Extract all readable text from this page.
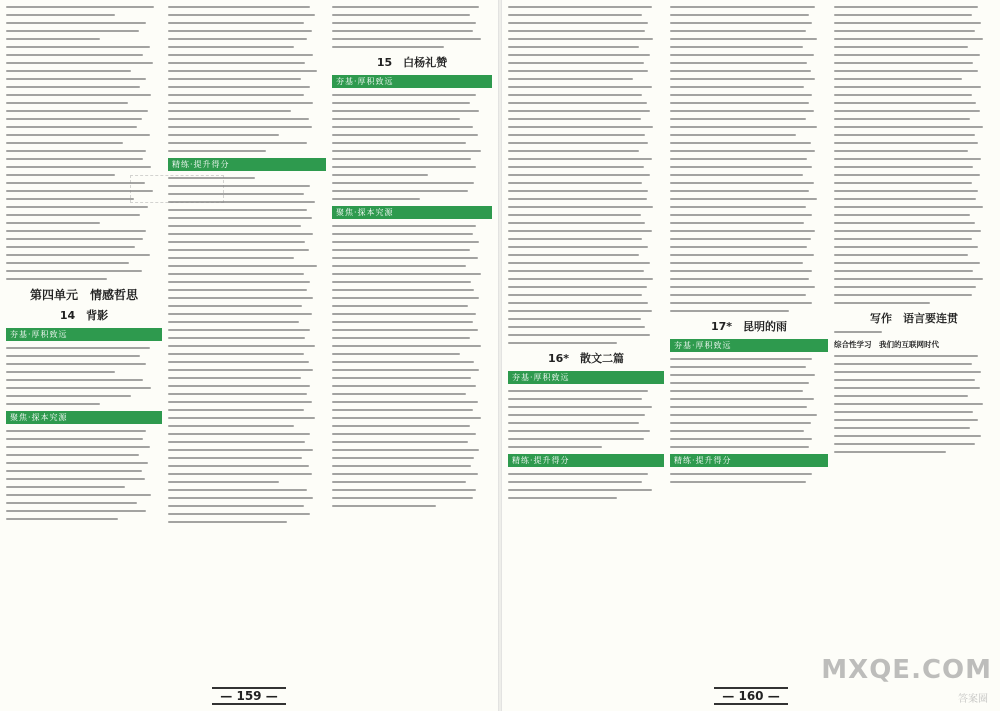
第四单元　情感哲思
14　背影
夯基·厚积致远
聚焦·探本究源
精练·提升得分
15　白杨礼赞
夯基·厚积致远
聚焦·探本究源
— 159 —
16*　散文二篇
夯基·厚积致远
精练·提升得分
17*　昆明的雨
夯基·厚积致远
精练·提升得分
写作　语言要连贯
综合性学习　我们的互联网时代
— 160 —
MXQE.COM
答案圈
